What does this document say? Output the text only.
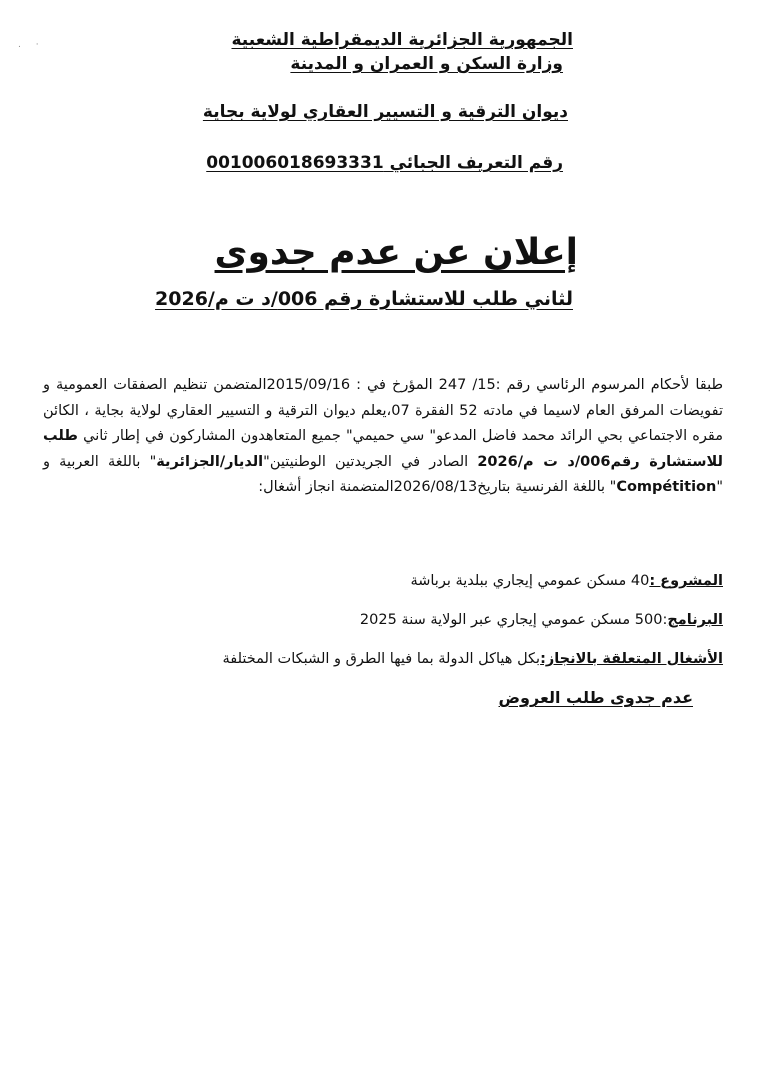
. ·	الجمهورية الجزائرية الديمقراطية الشعبية
وزارة السكن و العمران و المدينة
ديوان الترقية و التسيير العقاري لولاية بجاية
رقم التعريف الجبائي 001006018693331
إعلان عن عدم جدوى
لثاني طلب للاستشارة رقم 006/د ت م/2026

طبقا لأحكام المرسوم الرئاسي رقم :15/ 247 المؤرخ في : 2015/09/16المتضمن تنظيم الصفقات العمومية و تفويضات المرفق العام لاسيما في مادته 52 الفقرة 07،يعلم ديوان الترقية و التسيير العقاري لولاية بجاية ، الكائن مقره الاجتماعي بحي الرائد محمد فاضل المدعو" سي حميمي" جميع المتعاهدون المشاركون في إطار ثاني طلب للاستشارة رقم006/د ت م/2026 الصادر في الجريدتين الوطنيتين"الديار/الجزائرية" باللغة العربية و "Compétition" باللغة الفرنسية بتاريخ2026/08/13المتضمنة انجاز أشغال:

المشروع :40 مسكن عمومي إيجاري ببلدية برباشة
البرنامج:500 مسكن عمومي إيجاري عبر الولاية سنة 2025
الأشغال المتعلقة بالانجاز:بكل هياكل الدولة بما فيها الطرق و الشبكات المختلفة
عدم جدوى طلب العروض
